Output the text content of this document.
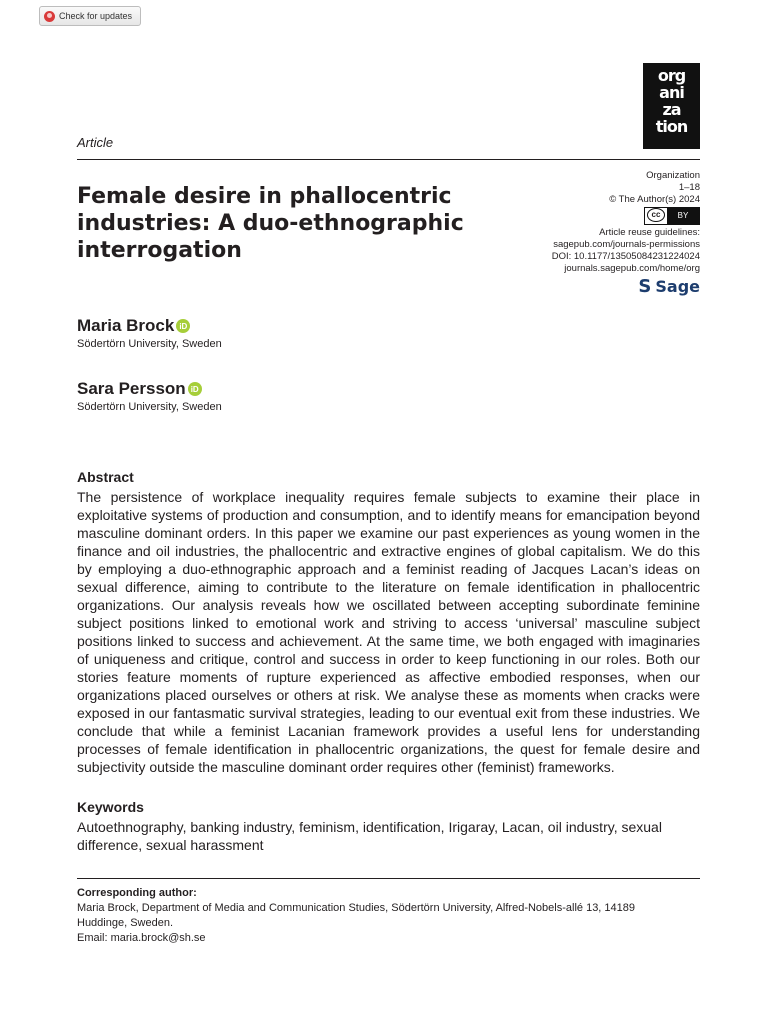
Check for updates
org
ani
za
tion
Article
Female desire in phallocentric industries: A duo-ethnographic interrogation
Organization
1–18
© The Author(s) 2024
cc	BY
Article reuse guidelines:
sagepub.com/journals-permissions
DOI: 10.1177/13505084231224024
journals.sagepub.com/home/org
S Sage
Maria Brock iD
Södertörn University, Sweden
Sara Persson iD
Södertörn University, Sweden
Abstract

The persistence of workplace inequality requires female subjects to examine their place in exploitative systems of production and consumption, and to identify means for emancipation beyond masculine dominant orders. In this paper we examine our past experiences as young women in the finance and oil industries, the phallocentric and extractive engines of global capitalism. We do this by employing a duo-ethnographic approach and a feminist reading of Jacques Lacan’s ideas on sexual difference, aiming to contribute to the literature on female identification in phallocentric organizations. Our analysis reveals how we oscillated between accepting subordinate feminine subject positions linked to emotional work and striving to access ‘universal’ masculine subject positions linked to success and achievement. At the same time, we both engaged with imaginaries of uniqueness and critique, control and success in order to keep functioning in our roles. Both our stories feature moments of rupture experienced as affective embodied responses, when our organizations placed ourselves or others at risk. We analyse these as moments when cracks were exposed in our fantasmatic survival strategies, leading to our eventual exit from these industries. We conclude that while a feminist Lacanian framework provides a useful lens for understanding processes of female identification in phallocentric organizations, the quest for female desire and subjectivity outside the masculine dominant order requires other (feminist) frameworks.

Keywords

Autoethnography, banking industry, feminism, identification, Irigaray, Lacan, oil industry, sexual difference, sexual harassment

Corresponding author:
Maria Brock, Department of Media and Communication Studies, Södertörn University, Alfred-Nobels-allé 13, 14189
Huddinge, Sweden.
Email: maria.brock@sh.se
